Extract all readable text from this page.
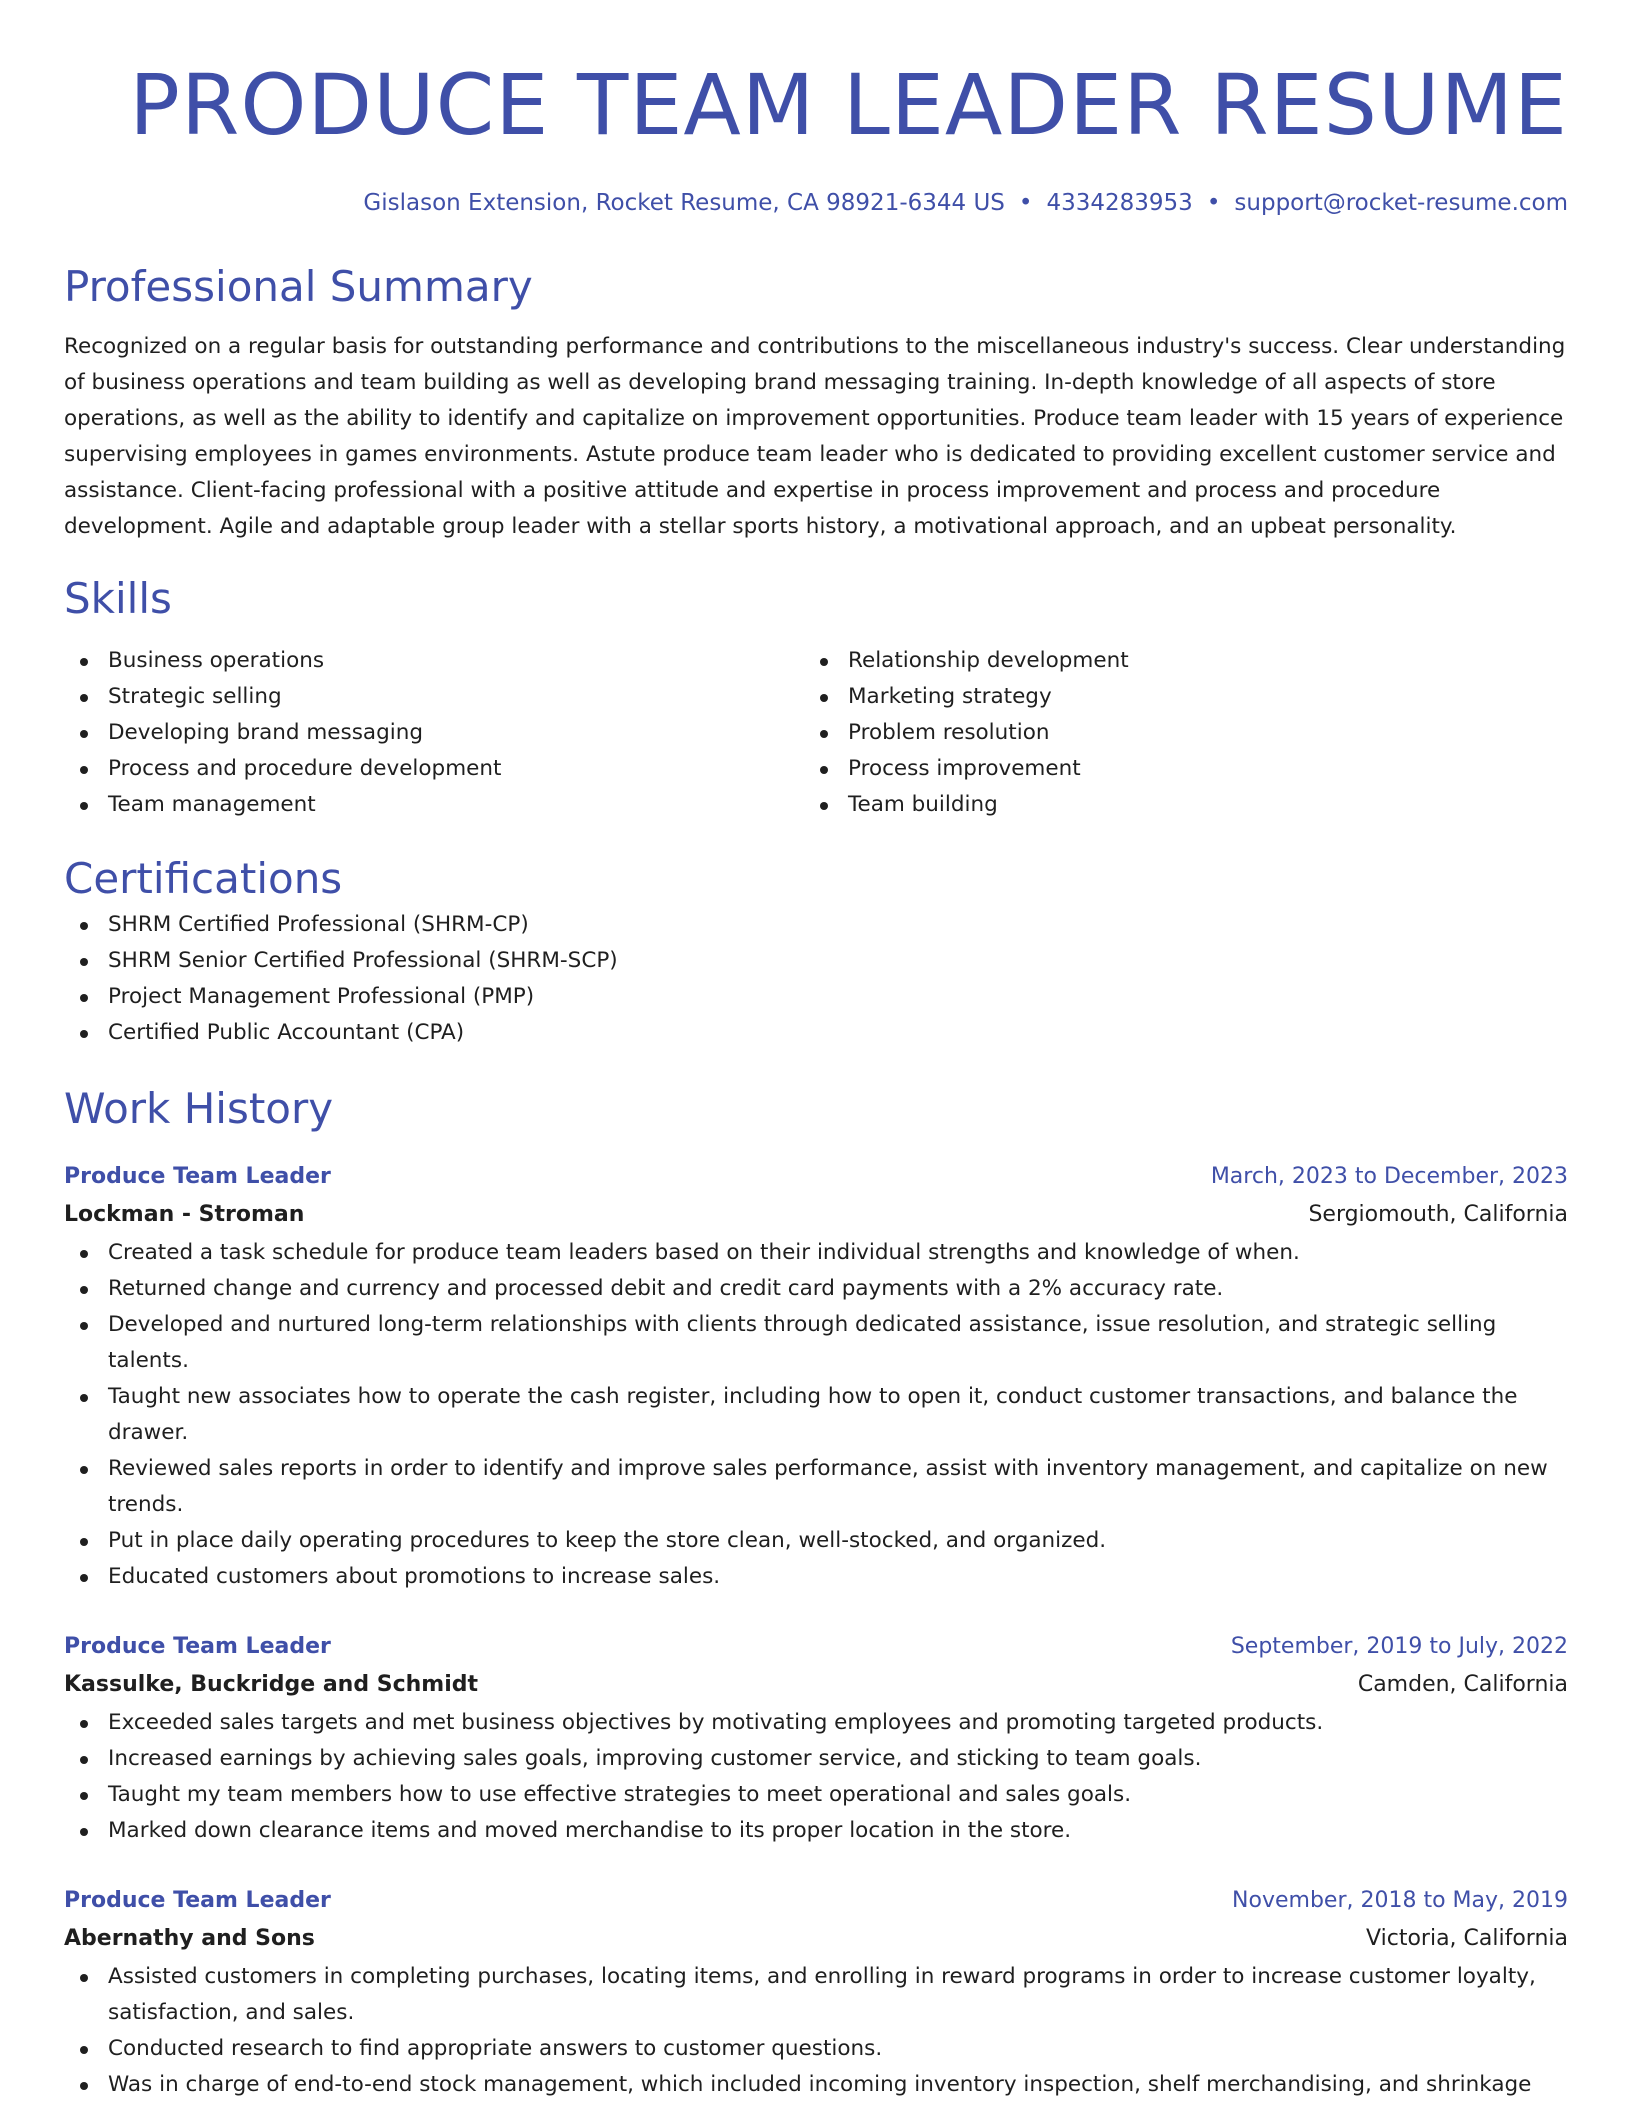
PRODUCE TEAM LEADER RESUME
Gislason Extension, Rocket Resume, CA 98921-6344 US • 4334283953 • support@rocket-resume.com
Professional Summary
Recognized on a regular basis for outstanding performance and contributions to the miscellaneous industry's success. Clear understanding of business operations and team building as well as developing brand messaging training. In-depth knowledge of all aspects of store operations, as well as the ability to identify and capitalize on improvement opportunities. Produce team leader with 15 years of experience supervising employees in games environments. Astute produce team leader who is dedicated to providing excellent customer service and assistance. Client-facing professional with a positive attitude and expertise in process improvement and process and procedure development. Agile and adaptable group leader with a stellar sports history, a motivational approach, and an upbeat personality.
Skills
Business operations
Strategic selling
Developing brand messaging
Process and procedure development
Team management
Relationship development
Marketing strategy
Problem resolution
Process improvement
Team building
Certifications
SHRM Certified Professional (SHRM-CP)
SHRM Senior Certified Professional (SHRM-SCP)
Project Management Professional (PMP)
Certified Public Accountant (CPA)
Work History
Produce Team Leader	March, 2023 to December, 2023
Lockman - Stroman	Sergiomouth, California
Created a task schedule for produce team leaders based on their individual strengths and knowledge of when.
Returned change and currency and processed debit and credit card payments with a 2% accuracy rate.
Developed and nurtured long-term relationships with clients through dedicated assistance, issue resolution, and strategic selling talents.
Taught new associates how to operate the cash register, including how to open it, conduct customer transactions, and balance the drawer.
Reviewed sales reports in order to identify and improve sales performance, assist with inventory management, and capitalize on new trends.
Put in place daily operating procedures to keep the store clean, well-stocked, and organized.
Educated customers about promotions to increase sales.
Produce Team Leader	September, 2019 to July, 2022
Kassulke, Buckridge and Schmidt	Camden, California
Exceeded sales targets and met business objectives by motivating employees and promoting targeted products.
Increased earnings by achieving sales goals, improving customer service, and sticking to team goals.
Taught my team members how to use effective strategies to meet operational and sales goals.
Marked down clearance items and moved merchandise to its proper location in the store.
Produce Team Leader	November, 2018 to May, 2019
Abernathy and Sons	Victoria, California
Assisted customers in completing purchases, locating items, and enrolling in reward programs in order to increase customer loyalty, satisfaction, and sales.
Conducted research to find appropriate answers to customer questions.
Was in charge of end-to-end stock management, which included incoming inventory inspection, shelf merchandising, and shrinkage
